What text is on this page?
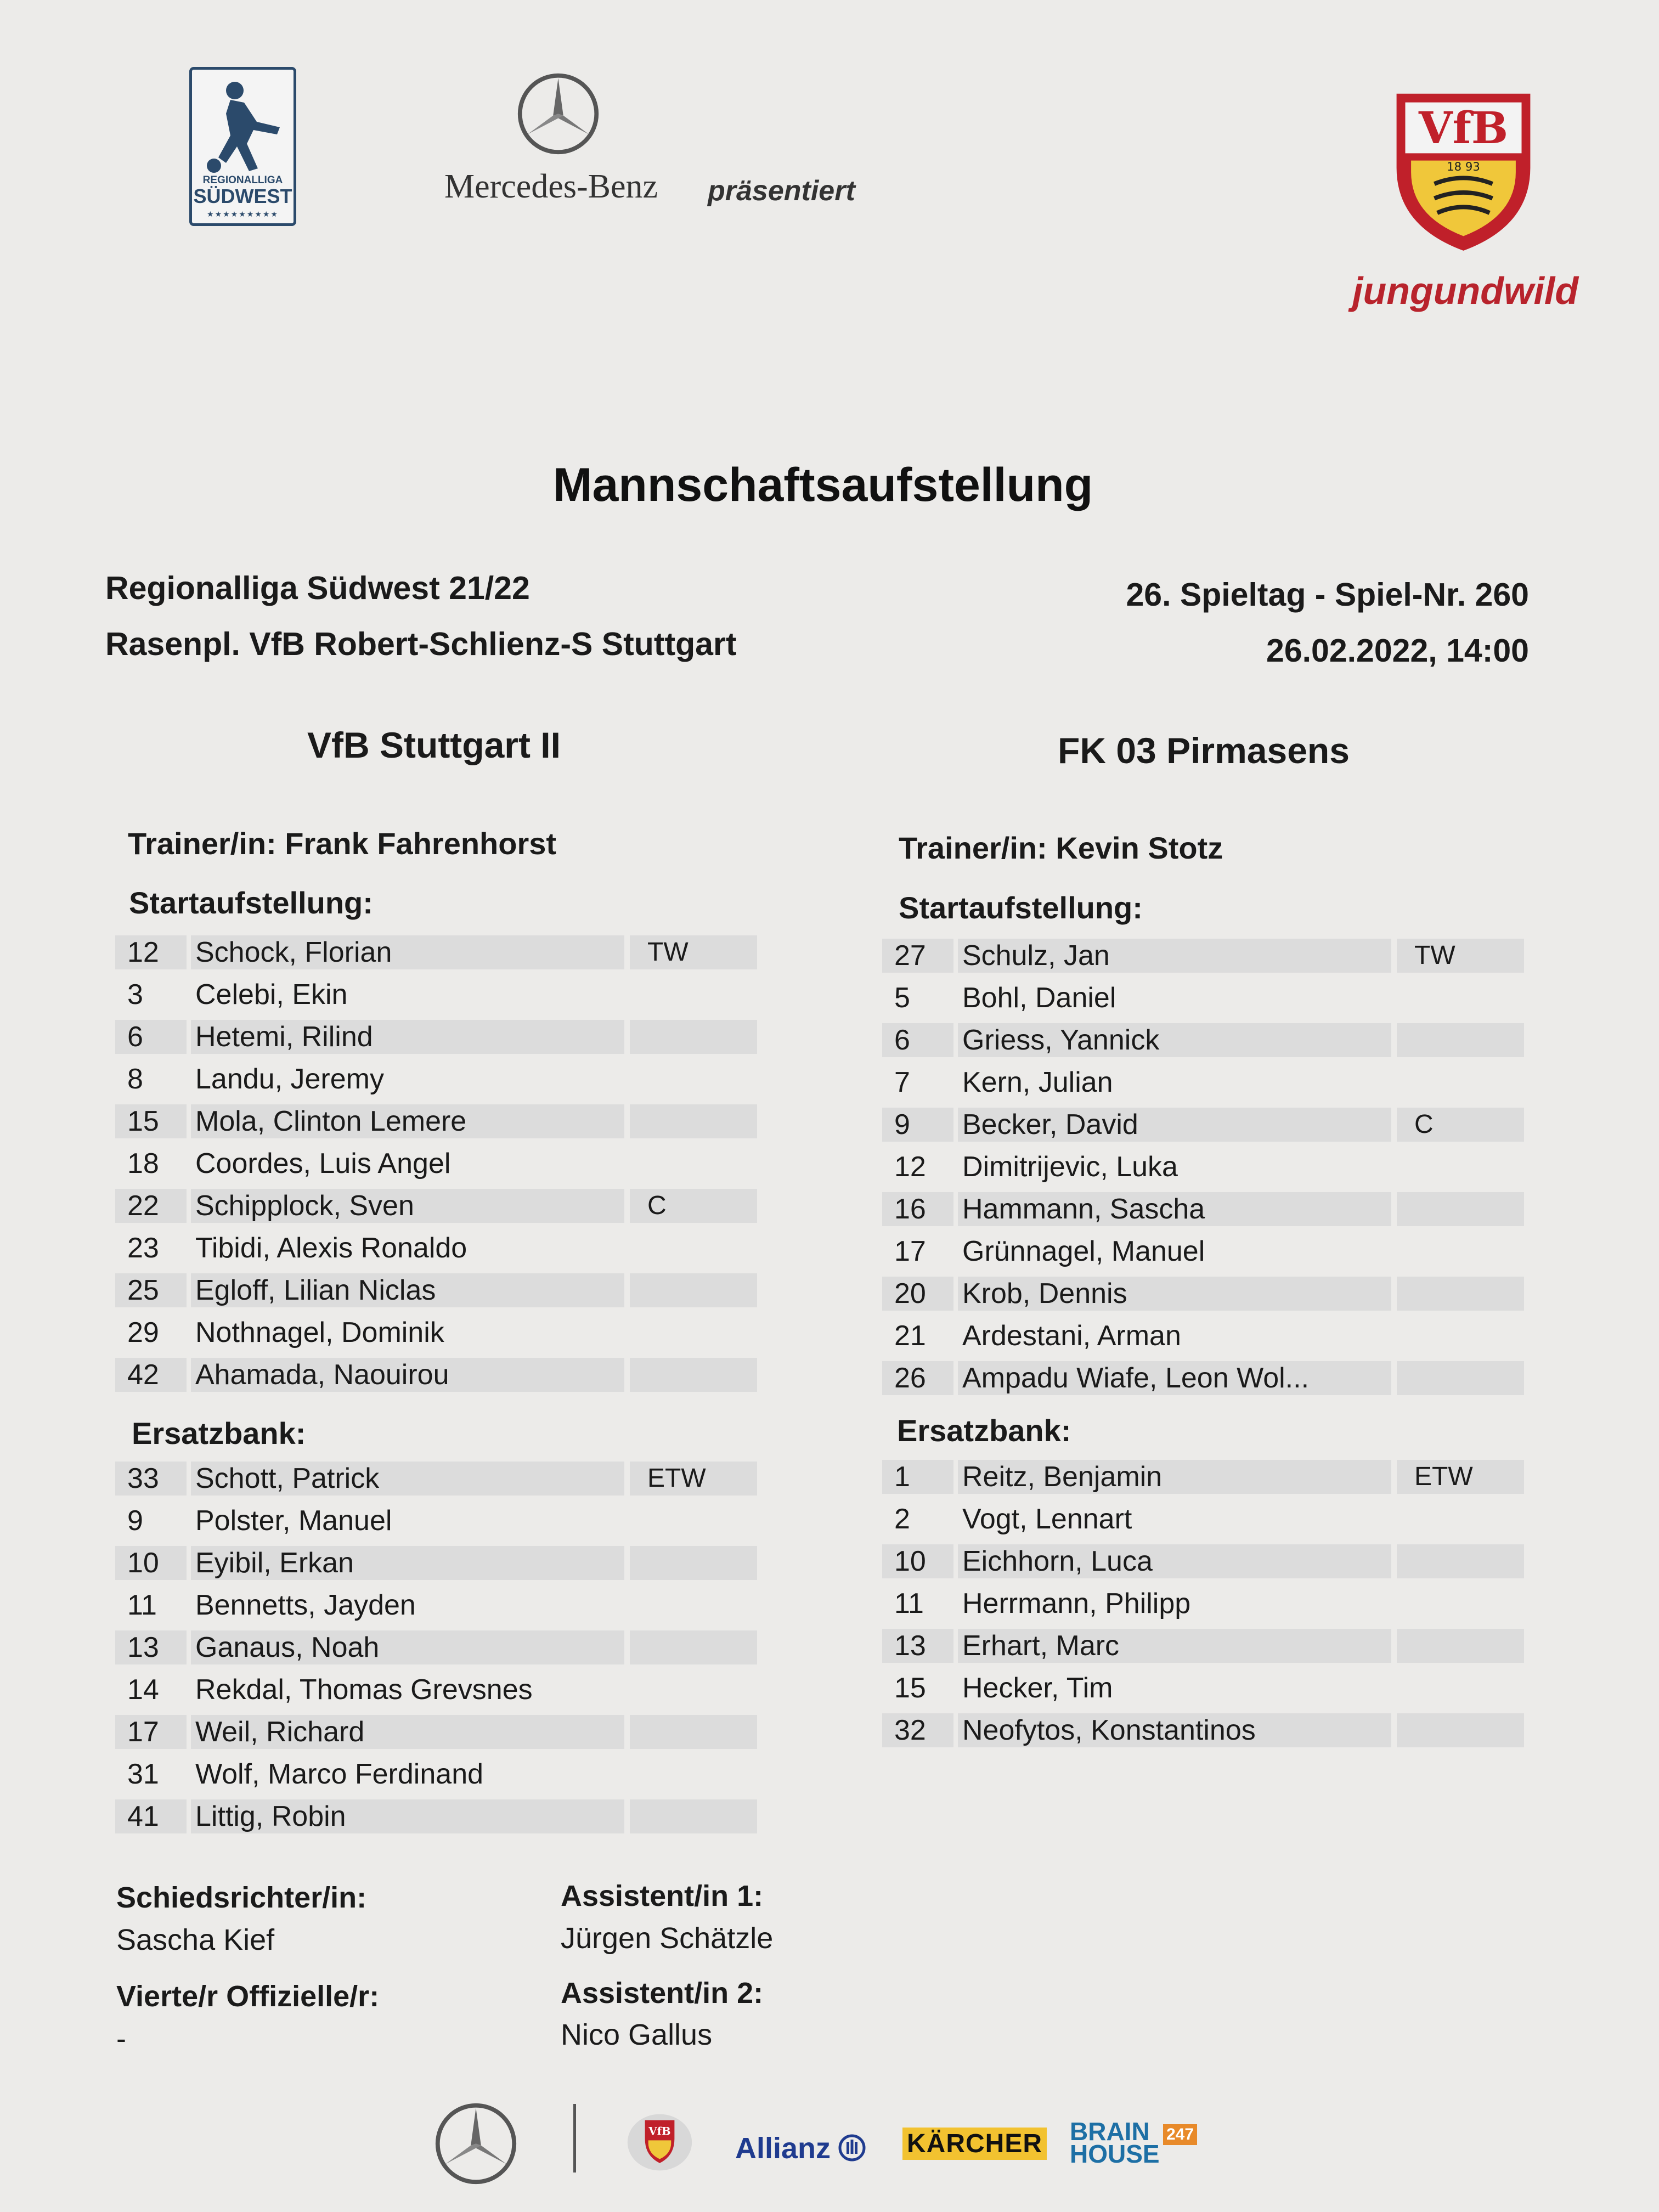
REGIONALLIGA
SÜDWEST
★★★★★★★★★
Mercedes-Benz präsentiert
VfB
18 93
jungundwild
Mannschaftsaufstellung
Regionalliga Südwest 21/22
Rasenpl. VfB Robert-Schlienz-S Stuttgart
26. Spieltag - Spiel-Nr. 260
26.02.2022, 14:00
VfB Stuttgart II	FK 03 Pirmasens
Trainer/in: Frank Fahrenhorst	Trainer/in: Kevin Stotz
Startaufstellung:
Ersatzbank:
Startaufstellung:
Ersatzbank:
12	Schock, Florian	TW
3	Celebi, Ekin
6	Hetemi, Rilind
8	Landu, Jeremy
15	Mola, Clinton Lemere
18	Coordes, Luis Angel
22	Schipplock, Sven	C
23	Tibidi, Alexis Ronaldo
25	Egloff, Lilian Niclas
29	Nothnagel, Dominik
42	Ahamada, Naouirou
33	Schott, Patrick	ETW
9	Polster, Manuel
10	Eyibil, Erkan
11	Bennetts, Jayden
13	Ganaus, Noah
14	Rekdal, Thomas Grevsnes
17	Weil, Richard
31	Wolf, Marco Ferdinand
41	Littig, Robin
27	Schulz, Jan	TW
5	Bohl, Daniel
6	Griess, Yannick
7	Kern, Julian
9	Becker, David	C
12	Dimitrijevic, Luka
16	Hammann, Sascha
17	Grünnagel, Manuel
20	Krob, Dennis
21	Ardestani, Arman
26	Ampadu Wiafe, Leon Wol...
1	Reitz, Benjamin	ETW
2	Vogt, Lennart
10	Eichhorn, Luca
11	Herrmann, Philipp
13	Erhart, Marc
15	Hecker, Tim
32	Neofytos, Konstantinos
Schiedsrichter/in:
Sascha Kief
Vierte/r Offizielle/r:
-
Assistent/in 1:
Jürgen Schätzle
Assistent/in 2:
Nico Gallus
VfB
Allianz	KÄRCHER BRAIN
HOUSE
247
